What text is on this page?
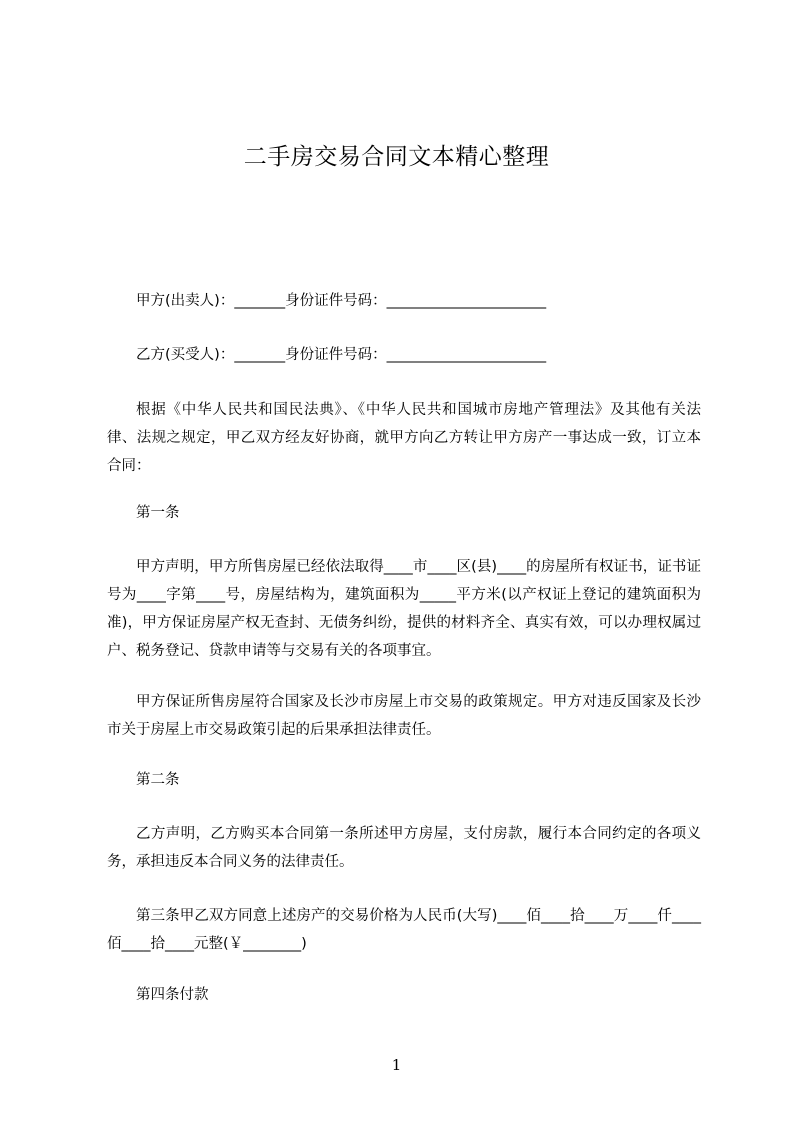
二手房交易合同文本精心整理
甲方(出卖人)：_______身份证件号码：______________________
乙方(买受人)：_______身份证件号码：______________________
根据《中华人民共和国民法典》、《中华人民共和国城市房地产管理法》及其他有关法律、法规之规定，甲乙双方经友好协商，就甲方向乙方转让甲方房产一事达成一致，订立本合同：
第一条
甲方声明，甲方所售房屋已经依法取得____市____区(县)____的房屋所有权证书，证书证号为____字第____号，房屋结构为，建筑面积为_____平方米(以产权证上登记的建筑面积为准)，甲方保证房屋产权无查封、无债务纠纷，提供的材料齐全、真实有效，可以办理权属过户、税务登记、贷款申请等与交易有关的各项事宜。
甲方保证所售房屋符合国家及长沙市房屋上市交易的政策规定。甲方对违反国家及长沙市关于房屋上市交易政策引起的后果承担法律责任。
第二条
乙方声明，乙方购买本合同第一条所述甲方房屋，支付房款，履行本合同约定的各项义务，承担违反本合同义务的法律责任。
第三条甲乙双方同意上述房产的交易价格为人民币(大写)____佰____拾____万____仟____佰____拾____元整(￥________)
第四条付款
1
